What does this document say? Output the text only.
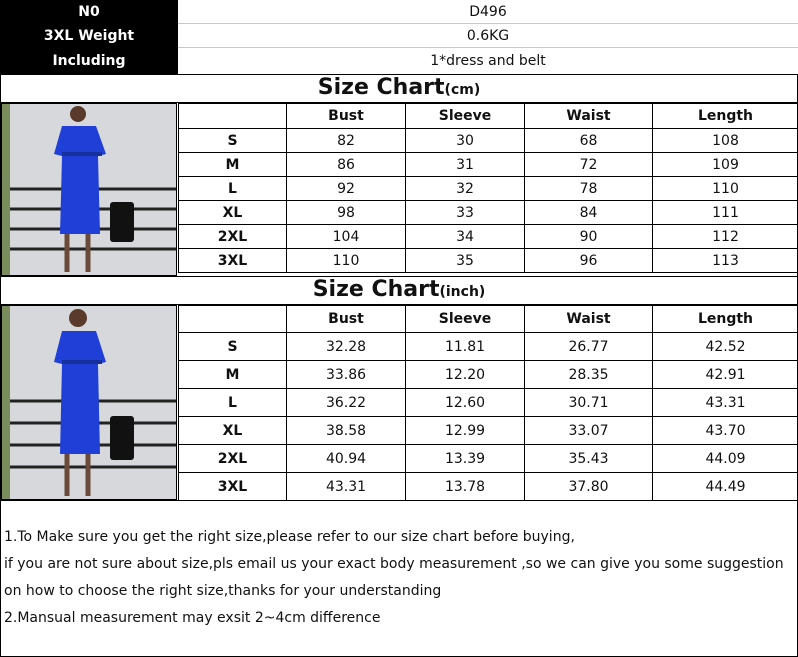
N0	D496
3XL Weight	0.6KG
Including	1*dress and belt
Size Chart(cm)
	Bust	Sleeve	Waist	Length
S	82	30	68	108
M	86	31	72	109
L	92	32	78	110
XL	98	33	84	111
2XL	104	34	90	112
3XL	110	35	96	113
Size Chart(inch)
	Bust	Sleeve	Waist	Length
S	32.28	11.81	26.77	42.52
M	33.86	12.20	28.35	42.91
L	36.22	12.60	30.71	43.31
XL	38.58	12.99	33.07	43.70
2XL	40.94	13.39	35.43	44.09
3XL	43.31	13.78	37.80	44.49
1.To Make sure you get the right size,please refer to our size chart before buying,
if you are not sure about size,pls email us your exact body measurement ,so we can give you some suggestion
on how to choose the right size,thanks for your understanding
2.Mansual measurement may exsit 2~4cm difference
